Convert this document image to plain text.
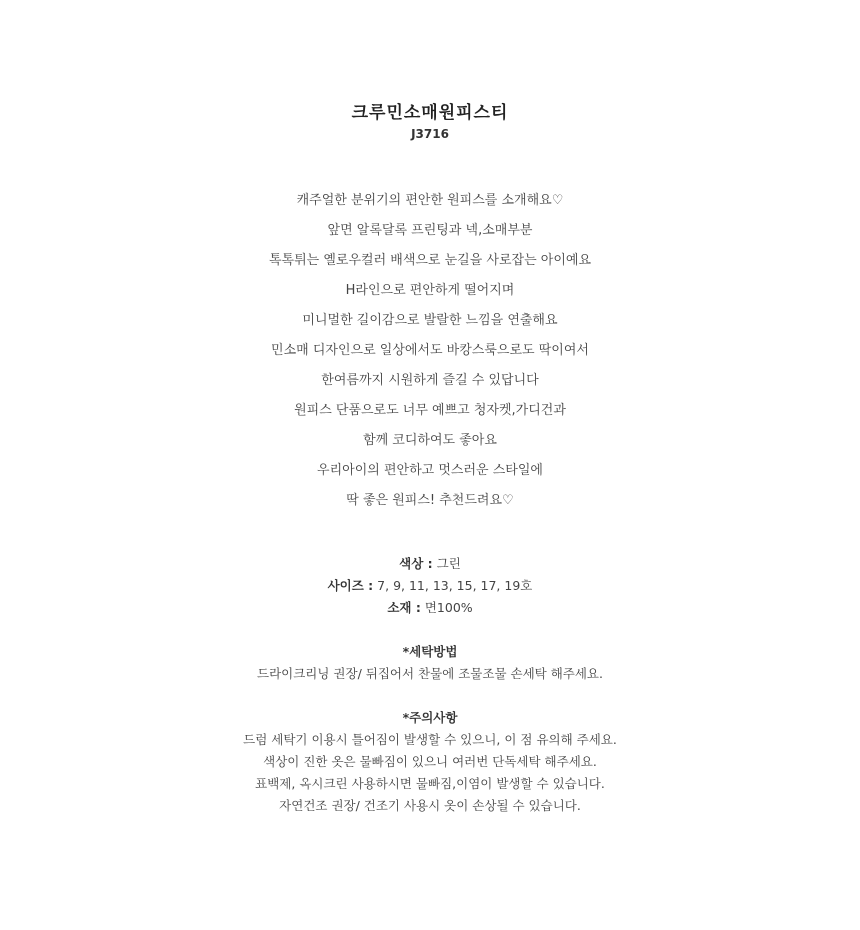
크루민소매원피스티
J3716
캐주얼한 분위기의 편안한 원피스를 소개해요♡
앞면 알록달록 프린팅과 넥,소매부분
톡톡튀는 옐로우컬러 배색으로 눈길을 사로잡는 아이예요
H라인으로 편안하게 떨어지며
미니멀한 길이감으로 발랄한 느낌을 연출해요
민소매 디자인으로 일상에서도 바캉스룩으로도 딱이여서
한여름까지 시원하게 즐길 수 있답니다
원피스 단품으로도 너무 예쁘고 청자켓,가디건과
함께 코디하여도 좋아요
우리아이의 편안하고 멋스러운 스타일에
딱 좋은 원피스! 추천드려요♡
색상 : 그린
사이즈 : 7, 9, 11, 13, 15, 17, 19호
소재 : 면100%
*세탁방법
드라이크리닝 권장/ 뒤집어서 찬물에 조물조물 손세탁 해주세요.
*주의사항
드럼 세탁기 이용시 틀어짐이 발생할 수 있으니, 이 점 유의해 주세요.
색상이 진한 옷은 물빠짐이 있으니 여러번 단독세탁 해주세요.
표백제, 옥시크린 사용하시면 물빠짐,이염이 발생할 수 있습니다.
자연건조 권장/ 건조기 사용시 옷이 손상될 수 있습니다.
